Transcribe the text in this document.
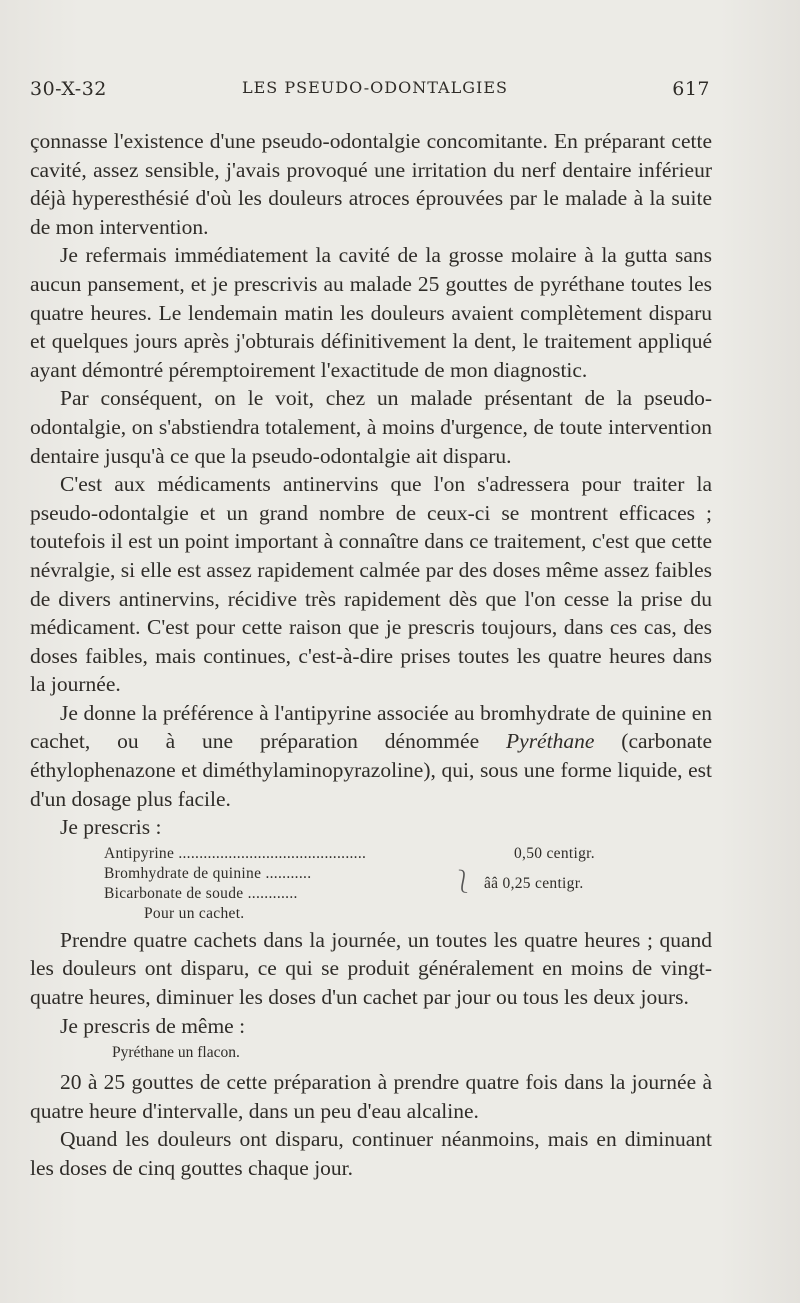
30-X-32	LES PSEUDO-ODONTALGIES	617

çonnasse l'existence d'une pseudo-odontalgie concomitante. En préparant cette cavité, assez sensible, j'avais provoqué une irritation du nerf dentaire inférieur déjà hyperesthésié d'où les douleurs atroces éprouvées par le malade à la suite de mon intervention.

Je refermais immédiatement la cavité de la grosse molaire à la gutta sans aucun pansement, et je prescrivis au malade 25 gouttes de pyréthane toutes les quatre heures. Le lendemain matin les douleurs avaient complètement disparu et quelques jours après j'obturais définitivement la dent, le traitement appliqué ayant démontré péremptoirement l'exactitude de mon diagnostic.

Par conséquent, on le voit, chez un malade présentant de la pseudo-odontalgie, on s'abstiendra totalement, à moins d'urgence, de toute intervention dentaire jusqu'à ce que la pseudo-odontalgie ait disparu.

C'est aux médicaments antinervins que l'on s'adressera pour traiter la pseudo-odontalgie et un grand nombre de ceux-ci se montrent efficaces ; toutefois il est un point important à connaître dans ce traitement, c'est que cette névralgie, si elle est assez rapidement calmée par des doses même assez faibles de divers antinervins, récidive très rapidement dès que l'on cesse la prise du médicament. C'est pour cette raison que je prescris toujours, dans ces cas, des doses faibles, mais continues, c'est-à-dire prises toutes les quatre heures dans la journée.

Je donne la préférence à l'antipyrine associée au bromhydrate de quinine en cachet, ou à une préparation dénommée Pyréthane (carbonate éthylophenazone et diméthylaminopyrazoline), qui, sous une forme liquide, est d'un dosage plus facile.

Je prescris :

Antipyrine .............................................	0,50 centigr.
Bromhydrate de quinine ...........
Bicarbonate de soude ............	⎱ ââ 0,25 centigr.
Pour un cachet.

Prendre quatre cachets dans la journée, un toutes les quatre heures ; quand les douleurs ont disparu, ce qui se produit généralement en moins de vingt-quatre heures, diminuer les doses d'un cachet par jour ou tous les deux jours.

Je prescris de même :

Pyréthane un flacon.

20 à 25 gouttes de cette préparation à prendre quatre fois dans la journée à quatre heure d'intervalle, dans un peu d'eau alcaline.

Quand les douleurs ont disparu, continuer néanmoins, mais en diminuant les doses de cinq gouttes chaque jour.
